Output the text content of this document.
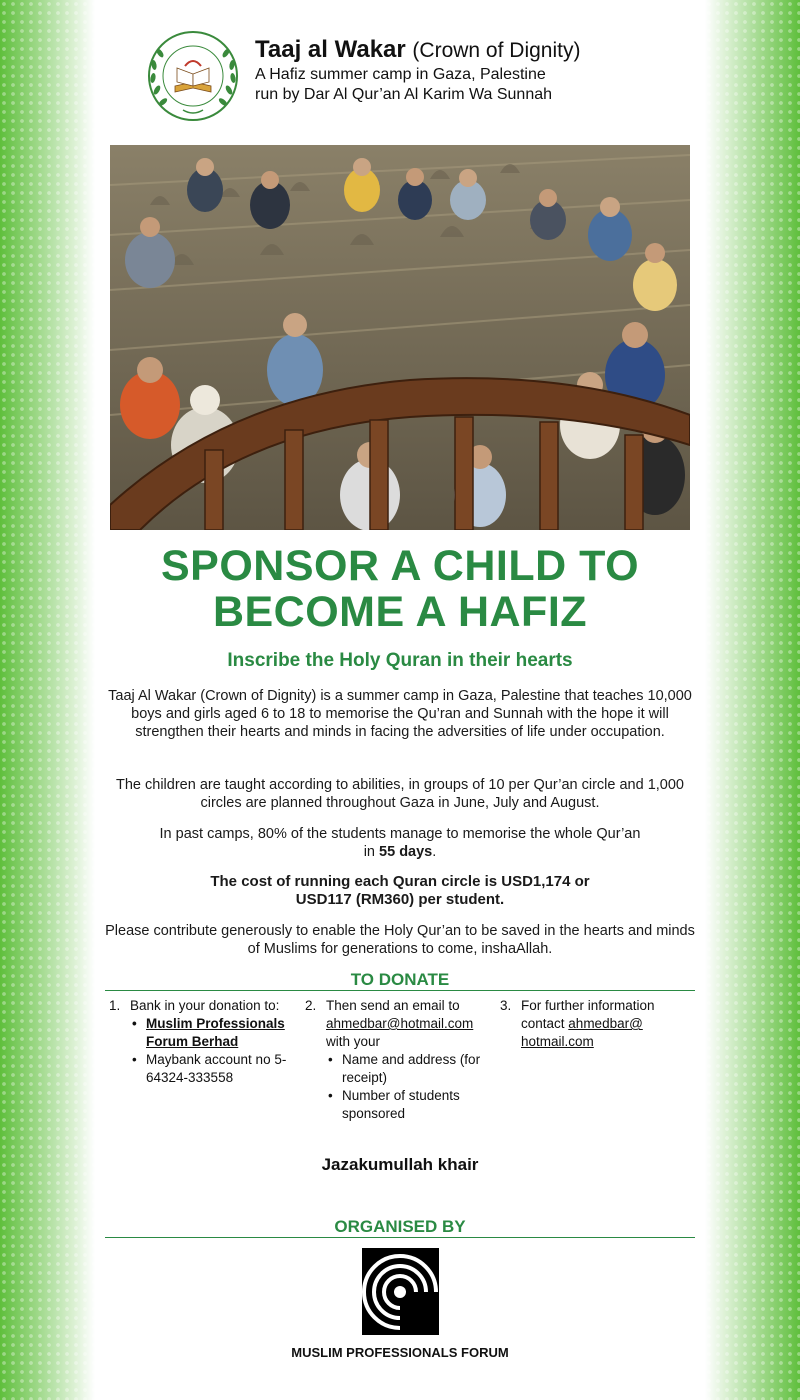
Taaj al Wakar (Crown of Dignity)
A Hafiz summer camp in Gaza, Palestine
run by Dar Al Qur’an Al Karim Wa Sunnah
SPONSOR A CHILD TO
BECOME A HAFIZ
Inscribe the Holy Quran in their hearts
Taaj Al Wakar (Crown of Dignity) is a summer camp in Gaza, Palestine that teaches 10,000 boys and girls aged 6 to 18 to memorise the Qu’ran and Sunnah with the hope it will strengthen their hearts and minds in facing the adversities of life under occupation.
The children are taught according to abilities, in groups of 10 per Qur’an circle and 1,000 circles are planned throughout Gaza in June, July and August.
In past camps, 80% of the students manage to memorise the whole Qur’an
in 55 days.
The cost of running each Quran circle is USD1,174 or
USD117 (RM360) per student.
Please contribute generously to enable the Holy Qur’an to be saved in the hearts and minds of Muslims for generations to come, inshaAllah.
TO DONATE
1. Bank in your donation to:
• Muslim Professionals Forum Berhad
• Maybank account no 5-64324-333558
2. Then send an email to
ahmedbar@hotmail.com
with your
• Name and address (for receipt)
• Number of students sponsored
3. For further information contact ahmedbar@ hotmail.com
Jazakumullah khair
ORGANISED BY
MUSLIM PROFESSIONALS FORUM
